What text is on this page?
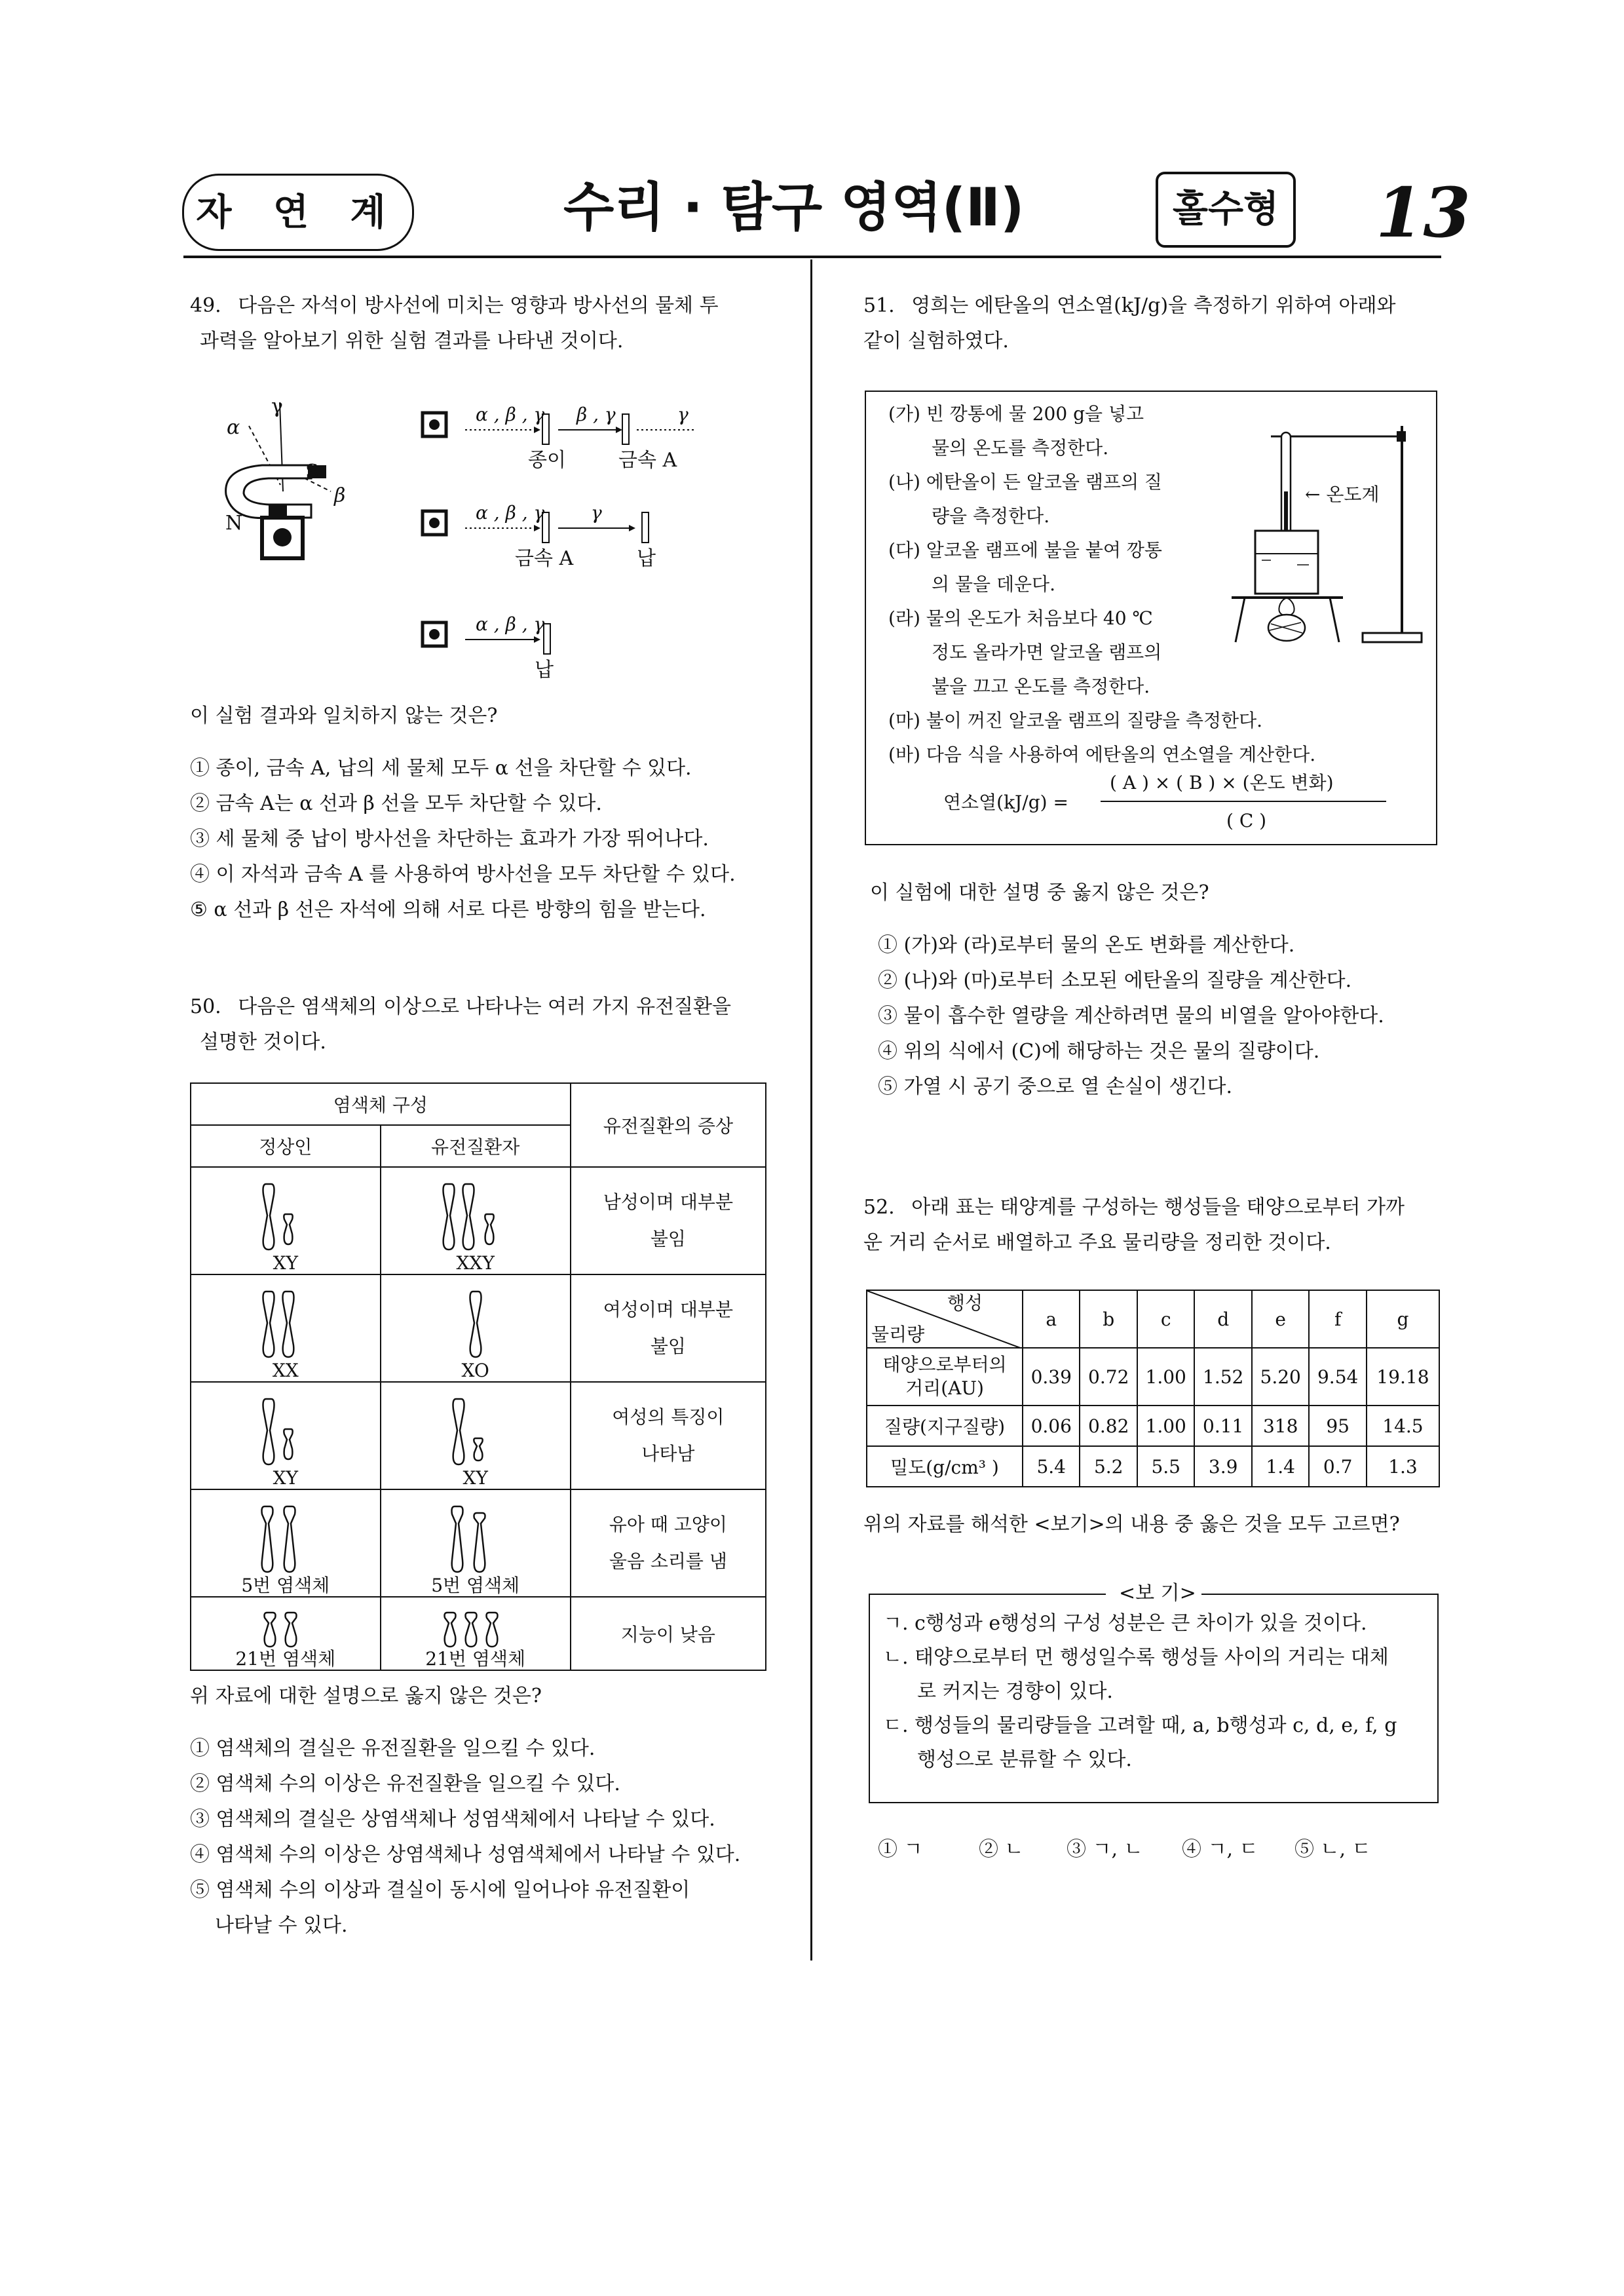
자 연 계	수리 · 탐구 영역(Ⅱ)	홀수형 13
49. 다음은 자석이 방사선에 미치는 영향과 방사선의 물체 투
과력을 알아보기 위한 실험 결과를 나타낸 것이다.
γ
α
S
β
N
α , β , γ β , γ	γ
종이	금속 A
α , β , γ	γ
금속 A	납
α , β , γ
납
이 실험 결과와 일치하지 않는 것은?
① 종이, 금속 A, 납의 세 물체 모두 α 선을 차단할 수 있다.
② 금속 A는 α 선과 β 선을 모두 차단할 수 있다.
③ 세 물체 중 납이 방사선을 차단하는 효과가 가장 뛰어나다.
④ 이 자석과 금속 A 를 사용하여 방사선을 모두 차단할 수 있다.
⑤ α 선과 β 선은 자석에 의해 서로 다른 방향의 힘을 받는다.
50. 다음은 염색체의 이상으로 나타나는 여러 가지 유전질환을
설명한 것이다.
염색체 구성		유전질환의 증상
정상인	유전질환자	

XY	XXY	남성이며 대부분
불임

XX	XO	여성이며 대부분
불임

XY	XY	여성의 특징이
나타남

5번 염색체	5번 염색체	유아 때 고양이
울음 소리를 냄

21번 염색체	21번 염색체	지능이 낮음
위 자료에 대한 설명으로 옳지 않은 것은?
① 염색체의 결실은 유전질환을 일으킬 수 있다.
② 염색체 수의 이상은 유전질환을 일으킬 수 있다.
③ 염색체의 결실은 상염색체나 성염색체에서 나타날 수 있다.
④ 염색체 수의 이상은 상염색체나 성염색체에서 나타날 수 있다.
⑤ 염색체 수의 이상과 결실이 동시에 일어나야 유전질환이
나타날 수 있다.
51. 영희는 에탄올의 연소열(kJ/g)을 측정하기 위하여 아래와
같이 실험하였다.
(가) 빈 깡통에 물 200 g을 넣고
물의 온도를 측정한다.
(나) 에탄올이 든 알코올 램프의 질
량을 측정한다.
(다) 알코올 램프에 불을 붙여 깡통
의 물을 데운다.
(라) 물의 온도가 처음보다 40 ℃
정도 올라가면 알코올 램프의
불을 끄고 온도를 측정한다.
(마) 불이 꺼진 알코올 램프의 질량을 측정한다.
(바) 다음 식을 사용하여 에탄올의 연소열을 계산한다.
← 온도계
연소열(kJ/g) =
( A ) × ( B ) × (온도 변화)
( C )
이 실험에 대한 설명 중 옳지 않은 것은?
① (가)와 (라)로부터 물의 온도 변화를 계산한다.
② (나)와 (마)로부터 소모된 에탄올의 질량을 계산한다.
③ 물이 흡수한 열량을 계산하려면 물의 비열을 알아야한다.
④ 위의 식에서 (C)에 해당하는 것은 물의 질량이다.
⑤ 가열 시 공기 중으로 열 손실이 생긴다.
52. 아래 표는 태양계를 구성하는 행성들을 태양으로부터 가까
운 거리 순서로 배열하고 주요 물리량을 정리한 것이다.
행성
물리량	a	b	c	d	e	f	g

태양으로부터의
거리(AU)	0.39	0.72	1.00	1.52	5.20	9.54	19.18
질량(지구질량)	0.06	0.82	1.00	0.11	318	95	14.5
밀도(g/cm³ )	5.4	5.2	5.5	3.9	1.4	0.7	1.3
위의 자료를 해석한 <보기>의 내용 중 옳은 것을 모두 고르면?
<보 기>
ㄱ. c행성과 e행성의 구성 성분은 큰 차이가 있을 것이다.
ㄴ. 태양으로부터 먼 행성일수록 행성들 사이의 거리는 대체
로 커지는 경향이 있다.
ㄷ. 행성들의 물리량들을 고려할 때, a, b행성과 c, d, e, f, g
행성으로 분류할 수 있다.
① ㄱ	② ㄴ ③ ㄱ, ㄴ ④ ㄱ, ㄷ ⑤ ㄴ, ㄷ
